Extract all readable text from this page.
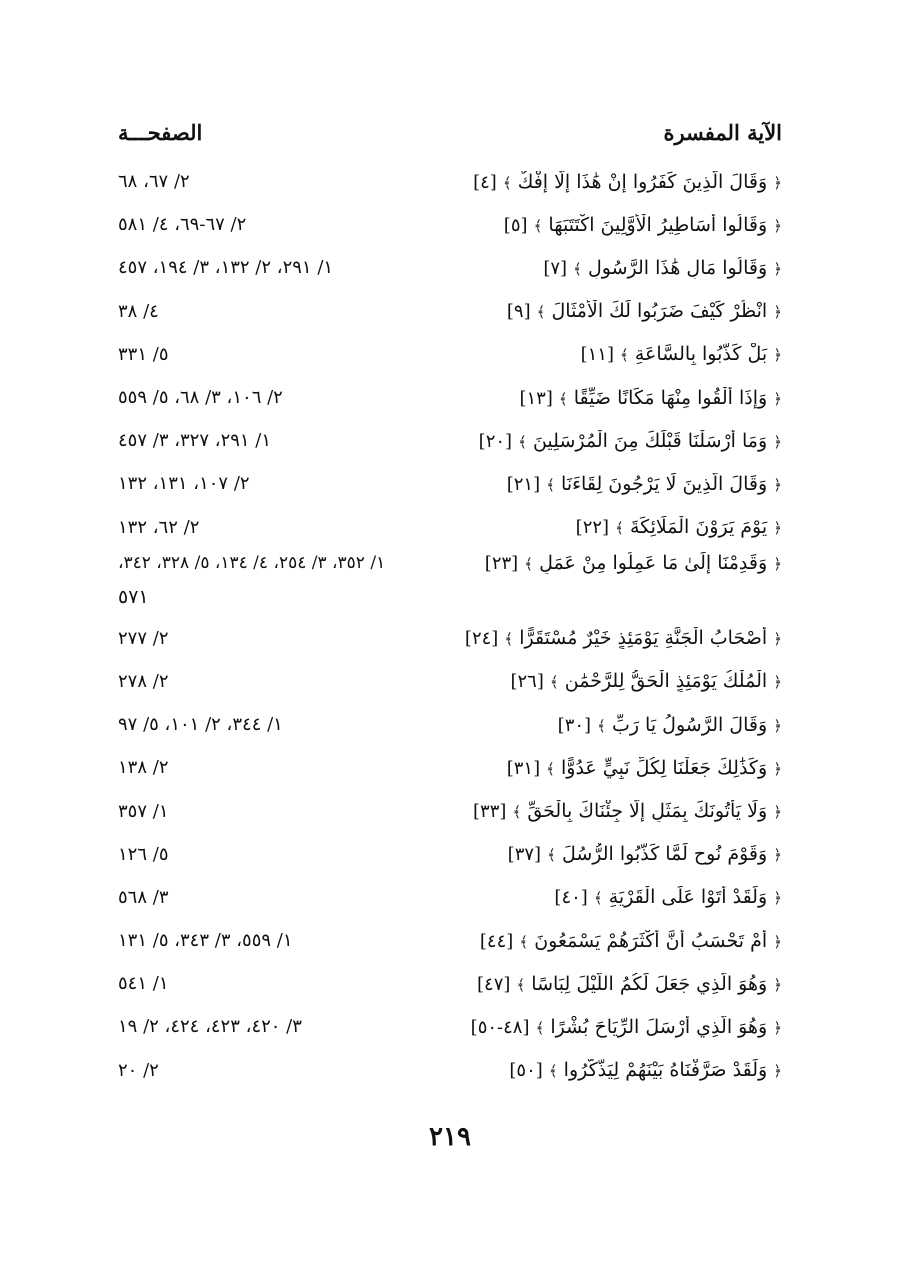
الآية المفسرة
الصفحـــة
﴿ وَقَالَ الَّذِينَ كَفَرُوا إِنْ هَٰذَا إِلَّا إِفْكٌ ﴾ [٤]
٢/ ٦٧، ٦٨
﴿ وَقَالُوا أَسَاطِيرُ الْأَوَّلِينَ اكْتَتَبَهَا ﴾ [٥]
٢/ ٦٧-٦٩، ٤/ ٥٨١
﴿ وَقَالُوا مَالِ هَٰذَا الرَّسُولِ ﴾ [٧]
١/ ٢٩١، ٢/ ١٣٢، ٣/ ١٩٤، ٤٥٧
﴿ انْظُرْ كَيْفَ ضَرَبُوا لَكَ الْأَمْثَالَ ﴾ [٩]
٤/ ٣٨
﴿ بَلْ كَذَّبُوا بِالسَّاعَةِ ﴾ [١١]
٥/ ٣٣١
﴿ وَإِذَا أُلْقُوا مِنْهَا مَكَانًا ضَيِّقًا ﴾ [١٣]
٢/ ١٠٦، ٣/ ٦٨، ٥/ ٥٥٩
﴿ وَمَا أَرْسَلْنَا قَبْلَكَ مِنَ الْمُرْسَلِينَ ﴾ [٢٠]
١/ ٢٩١، ٣٢٧، ٣/ ٤٥٧
﴿ وَقَالَ الَّذِينَ لَا يَرْجُونَ لِقَاءَنَا ﴾ [٢١]
٢/ ١٠٧، ١٣١، ١٣٢
﴿ يَوْمَ يَرَوْنَ الْمَلَائِكَةَ ﴾ [٢٢]
٢/ ٦٢، ١٣٢
﴿ وَقَدِمْنَا إِلَىٰ مَا عَمِلُوا مِنْ عَمَلٍ ﴾ [٢٣]
١/ ٣٥٢، ٣/ ٢٥٤، ٤/ ١٣٤، ٥/ ٣٢٨، ٣٤٢،
٥٧١
﴿ أَصْحَابُ الْجَنَّةِ يَوْمَئِذٍ خَيْرٌ مُسْتَقَرًّا ﴾ [٢٤]
٢/ ٢٧٧
﴿ الْمُلْكُ يَوْمَئِذٍ الْحَقُّ لِلرَّحْمَٰنِ ﴾ [٢٦]
٢/ ٢٧٨
﴿ وَقَالَ الرَّسُولُ يَا رَبِّ ﴾ [٣٠]
١/ ٣٤٤، ٢/ ١٠١، ٥/ ٩٧
﴿ وَكَذَٰلِكَ جَعَلْنَا لِكُلِّ نَبِيٍّ عَدُوًّا ﴾ [٣١]
٢/ ١٣٨
﴿ وَلَا يَأْتُونَكَ بِمَثَلٍ إِلَّا جِئْنَاكَ بِالْحَقِّ ﴾ [٣٣]
١/ ٣٥٧
﴿ وَقَوْمَ نُوحٍ لَمَّا كَذَّبُوا الرُّسُلَ ﴾ [٣٧]
٥/ ١٢٦
﴿ وَلَقَدْ أَتَوْا عَلَى الْقَرْيَةِ ﴾ [٤٠]
٣/ ٥٦٨
﴿ أَمْ تَحْسَبُ أَنَّ أَكْثَرَهُمْ يَسْمَعُونَ ﴾ [٤٤]
١/ ٥٥٩، ٣/ ٣٤٣، ٥/ ١٣١
﴿ وَهُوَ الَّذِي جَعَلَ لَكُمُ اللَّيْلَ لِبَاسًا ﴾ [٤٧]
١/ ٥٤١
﴿ وَهُوَ الَّذِي أَرْسَلَ الرِّيَاحَ بُشْرًا ﴾ [٤٨-٥٠]
٣/ ٤٢٠، ٤٢٣، ٤٢٤، ٢/ ١٩
﴿ وَلَقَدْ صَرَّفْنَاهُ بَيْنَهُمْ لِيَذَّكَّرُوا ﴾ [٥٠]
٢/ ٢٠
٢١٩
